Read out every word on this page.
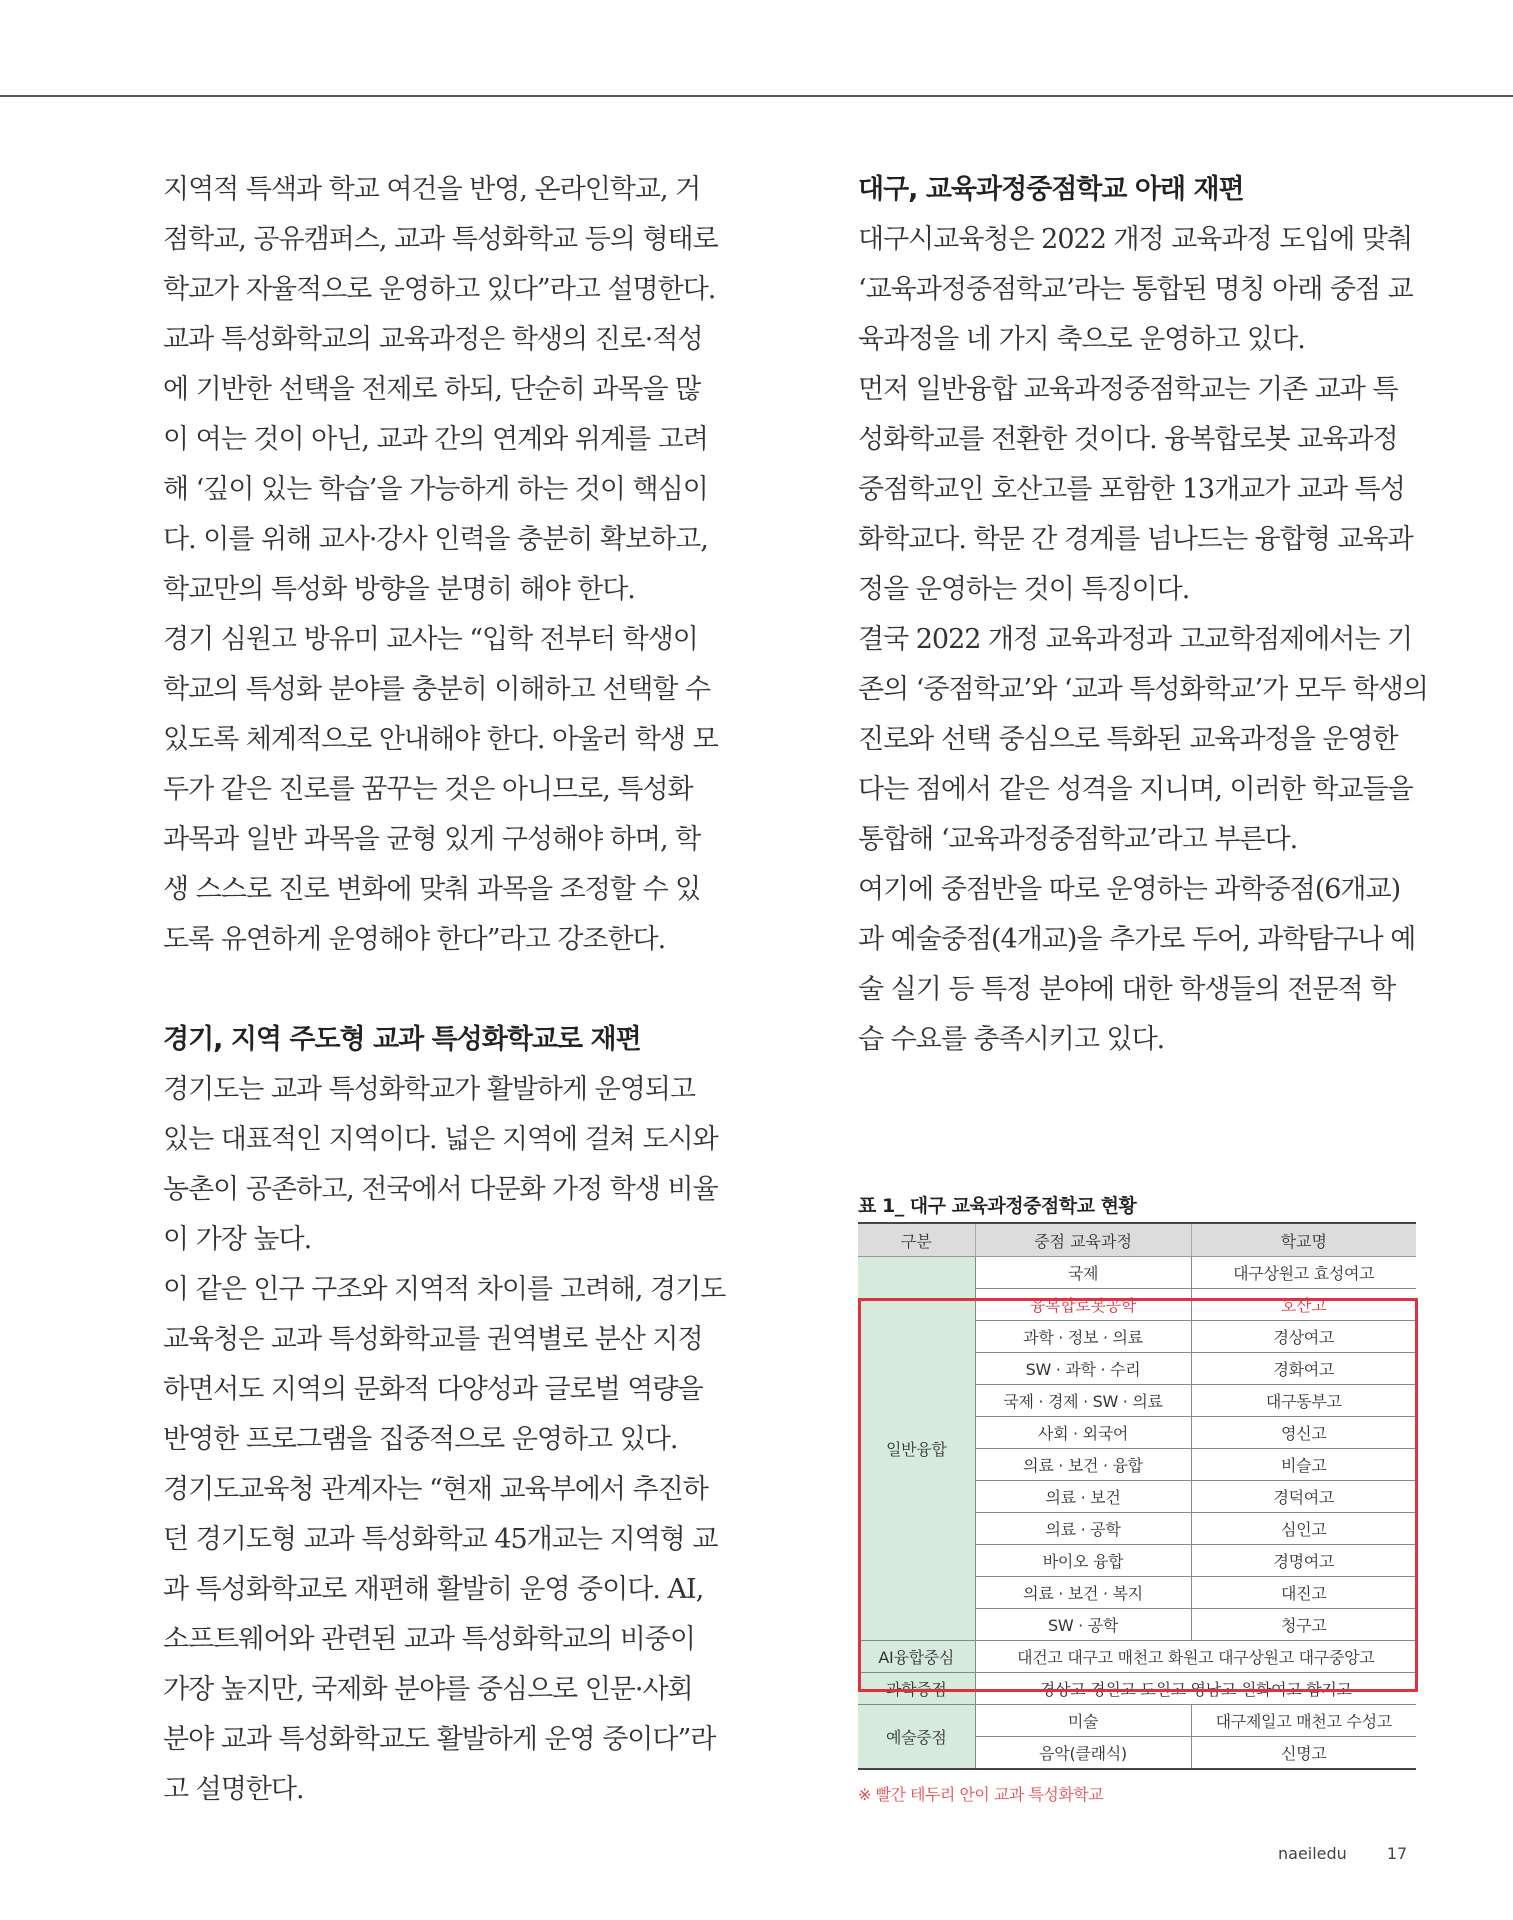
지역적 특색과 학교 여건을 반영, 온라인학교, 거
점학교, 공유캠퍼스, 교과 특성화학교 등의 형태로
학교가 자율적으로 운영하고 있다”라고 설명한다.
교과 특성화학교의 교육과정은 학생의 진로·적성
에 기반한 선택을 전제로 하되, 단순히 과목을 많
이 여는 것이 아닌, 교과 간의 연계와 위계를 고려
해 ‘깊이 있는 학습’을 가능하게 하는 것이 핵심이
다. 이를 위해 교사·강사 인력을 충분히 확보하고,
학교만의 특성화 방향을 분명히 해야 한다.
경기 심원고 방유미 교사는 “입학 전부터 학생이
학교의 특성화 분야를 충분히 이해하고 선택할 수
있도록 체계적으로 안내해야 한다. 아울러 학생 모
두가 같은 진로를 꿈꾸는 것은 아니므로, 특성화
과목과 일반 과목을 균형 있게 구성해야 하며, 학
생 스스로 진로 변화에 맞춰 과목을 조정할 수 있
도록 유연하게 운영해야 한다”라고 강조한다.
경기, 지역 주도형 교과 특성화학교로 재편
경기도는 교과 특성화학교가 활발하게 운영되고
있는 대표적인 지역이다. 넓은 지역에 걸쳐 도시와
농촌이 공존하고, 전국에서 다문화 가정 학생 비율
이 가장 높다.
이 같은 인구 구조와 지역적 차이를 고려해, 경기도
교육청은 교과 특성화학교를 권역별로 분산 지정
하면서도 지역의 문화적 다양성과 글로벌 역량을
반영한 프로그램을 집중적으로 운영하고 있다.
경기도교육청 관계자는 “현재 교육부에서 추진하
던 경기도형 교과 특성화학교 45개교는 지역형 교
과 특성화학교로 재편해 활발히 운영 중이다. AI,
소프트웨어와 관련된 교과 특성화학교의 비중이
가장 높지만, 국제화 분야를 중심으로 인문·사회
분야 교과 특성화학교도 활발하게 운영 중이다”라
고 설명한다.
대구, 교육과정중점학교 아래 재편
대구시교육청은 2022 개정 교육과정 도입에 맞춰
‘교육과정중점학교’라는 통합된 명칭 아래 중점 교
육과정을 네 가지 축으로 운영하고 있다.
먼저 일반융합 교육과정중점학교는 기존 교과 특
성화학교를 전환한 것이다. 융복합로봇 교육과정
중점학교인 호산고를 포함한 13개교가 교과 특성
화학교다. 학문 간 경계를 넘나드는 융합형 교육과
정을 운영하는 것이 특징이다.
결국 2022 개정 교육과정과 고교학점제에서는 기
존의 ‘중점학교’와 ‘교과 특성화학교’가 모두 학생의
진로와 선택 중심으로 특화된 교육과정을 운영한
다는 점에서 같은 성격을 지니며, 이러한 학교들을
통합해 ‘교육과정중점학교’라고 부른다.
여기에 중점반을 따로 운영하는 과학중점(6개교)
과 예술중점(4개교)을 추가로 두어, 과학탐구나 예
술 실기 등 특정 분야에 대한 학생들의 전문적 학
습 수요를 충족시키고 있다.
표 1_ 대구 교육과정중점학교 현황
구분	중점 교육과정	학교명
일반융합	국제	대구상원고 효성여고
	융복합로봇공학	호산고
	과학 · 정보 · 의료	경상여고
	SW · 과학 · 수리	경화여고
	국제 · 경제 · SW · 의료	대구동부고
	사회 · 외국어	영신고
	의료 · 보건 · 융합	비슬고
	의료 · 보건	경덕여고
	의료 · 공학	심인고
	바이오 융합	경명여고
	의료 · 보건 · 복지	대진고
	SW · 공학	청구고
AI융합중심	대건고 대구고 매천고 화원고 대구상원고 대구중앙고	
과학중점	경상고 경원고 도원고 영남고 원화여고 함지고	
예술중점	미술	대구제일고 매천고 수성고
	음악(클래식)	신명고
※ 빨간 테두리 안이 교과 특성화학교
naeiledu	17
